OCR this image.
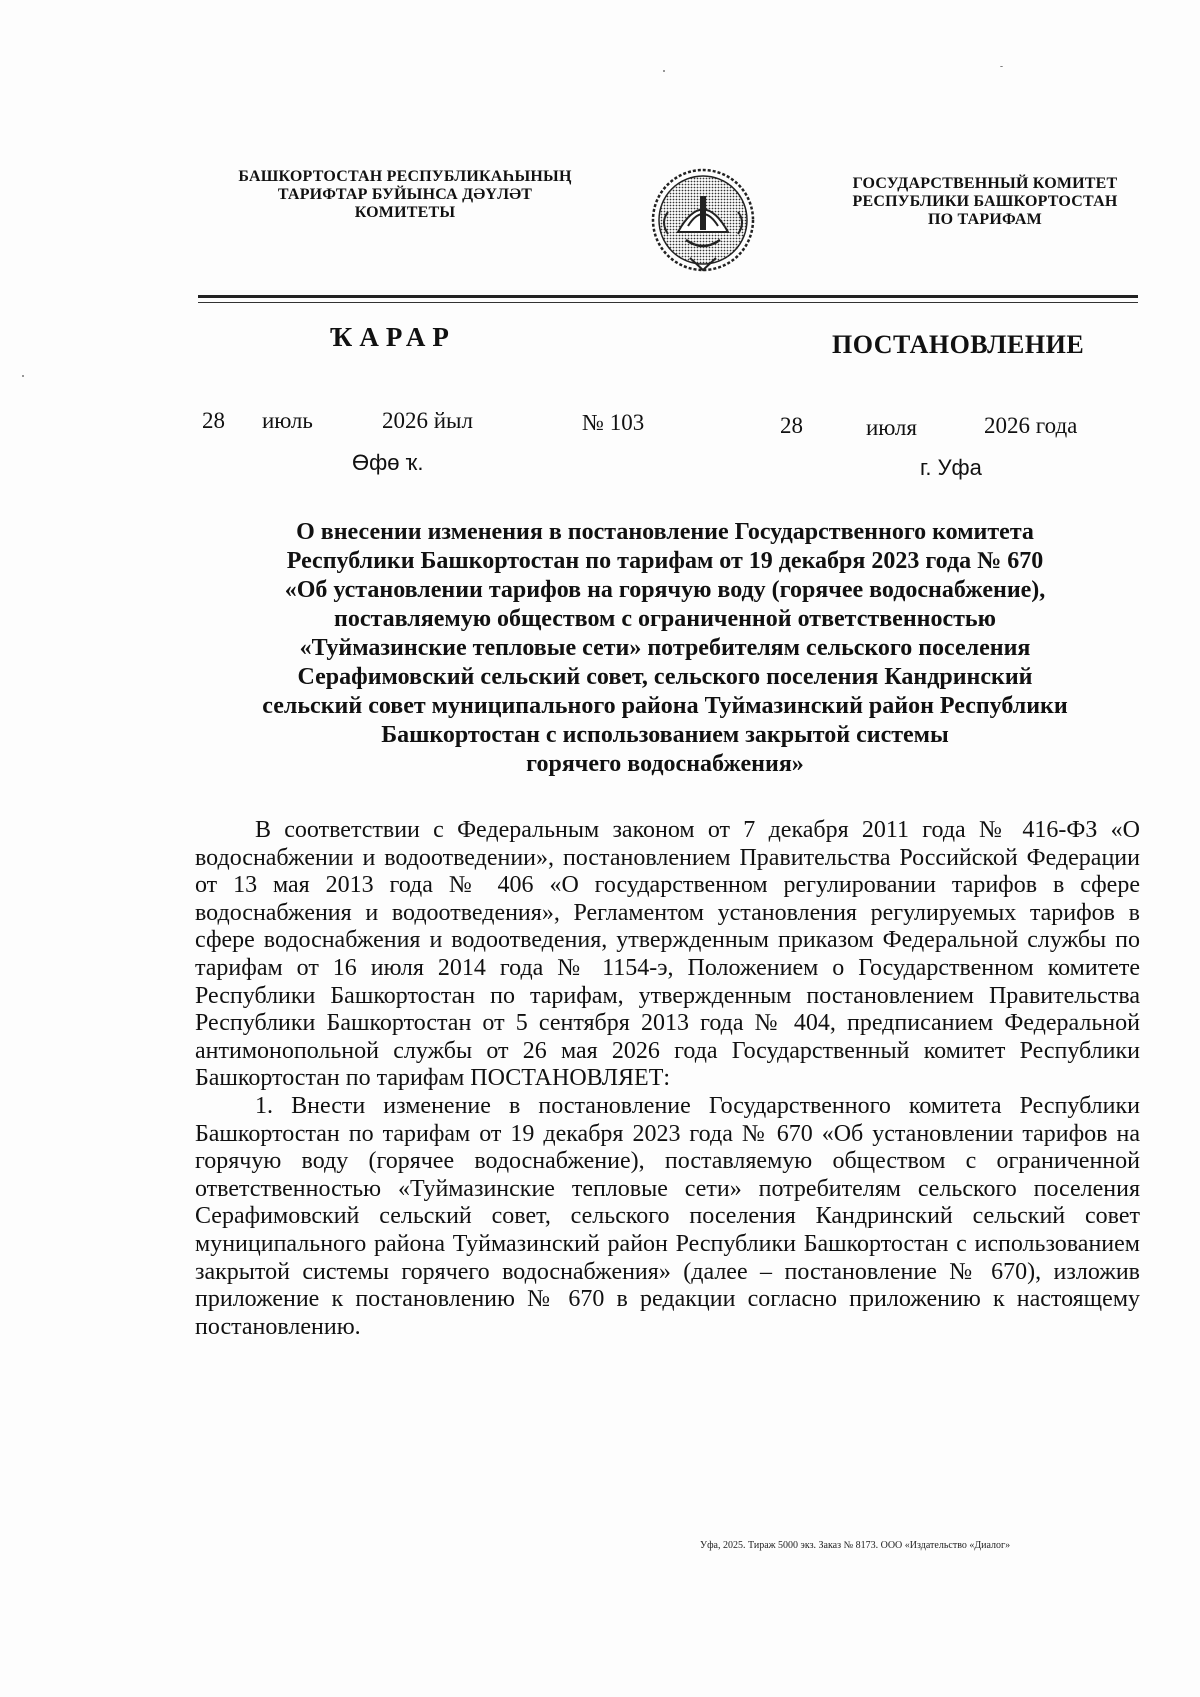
БАШКОРТОСТАН РЕСПУБЛИКАҺЫНЫҢ
ТАРИФТАР БУЙЫНСА ДӘҮЛӘТ
КОМИТЕТЫ
ГОСУДАРСТВЕННЫЙ КОМИТЕТ
РЕСПУБЛИКИ БАШКОРТОСТАН
ПО ТАРИФАМ
ҠАРАР	ПОСТАНОВЛЕНИЕ
28 июль	2026 йыл	№ 103	28	июля	2026 года
Өфө ҡ.	г. Уфа
О внесении изменения в постановление Государственного комитета
Республики Башкортостан по тарифам от 19 декабря 2023 года № 670
«Об установлении тарифов на горячую воду (горячее водоснабжение),
поставляемую обществом с ограниченной ответственностью
«Туймазинские тепловые сети» потребителям сельского поселения
Серафимовский сельский совет, сельского поселения Кандринский
сельский совет муниципального района Туймазинский район Республики
Башкортостан с использованием закрытой системы
горячего водоснабжения»

В соответствии с Федеральным законом от 7 декабря 2011 года № 416-ФЗ «О водоснабжении и водоотведении», постановлением Правительства Российской Федерации от 13 мая 2013 года № 406 «О государственном регулировании тарифов в сфере водоснабжения и водоотведения», Регламентом установления регулируемых тарифов в сфере водоснабжения и водоотведения, утвержденным приказом Федеральной службы по тарифам от 16 июля 2014 года № 1154-э, Положением о Государственном комитете Республики Башкортостан по тарифам, утвержденным постановлением Правительства Республики Башкортостан от 5 сентября 2013 года № 404, предписанием Федеральной антимонопольной службы от 26 мая 2026 года Государственный комитет Республики Башкортостан по тарифам ПОСТАНОВЛЯЕТ:

1. Внести изменение в постановление Государственного комитета Республики Башкортостан по тарифам от 19 декабря 2023 года № 670 «Об установлении тарифов на горячую воду (горячее водоснабжение), поставляемую обществом с ограниченной ответственностью «Туймазинские тепловые сети» потребителям сельского поселения Серафимовский сельский совет, сельского поселения Кандринский сельский совет муниципального района Туймазинский район Республики Башкортостан с использованием закрытой системы горячего водоснабжения» (далее – постановление № 670), изложив приложение к постановлению № 670 в редакции согласно приложению к настоящему постановлению.

Уфа, 2025. Тираж 5000 экз. Заказ № 8173. ООО «Издательство «Диалог»
